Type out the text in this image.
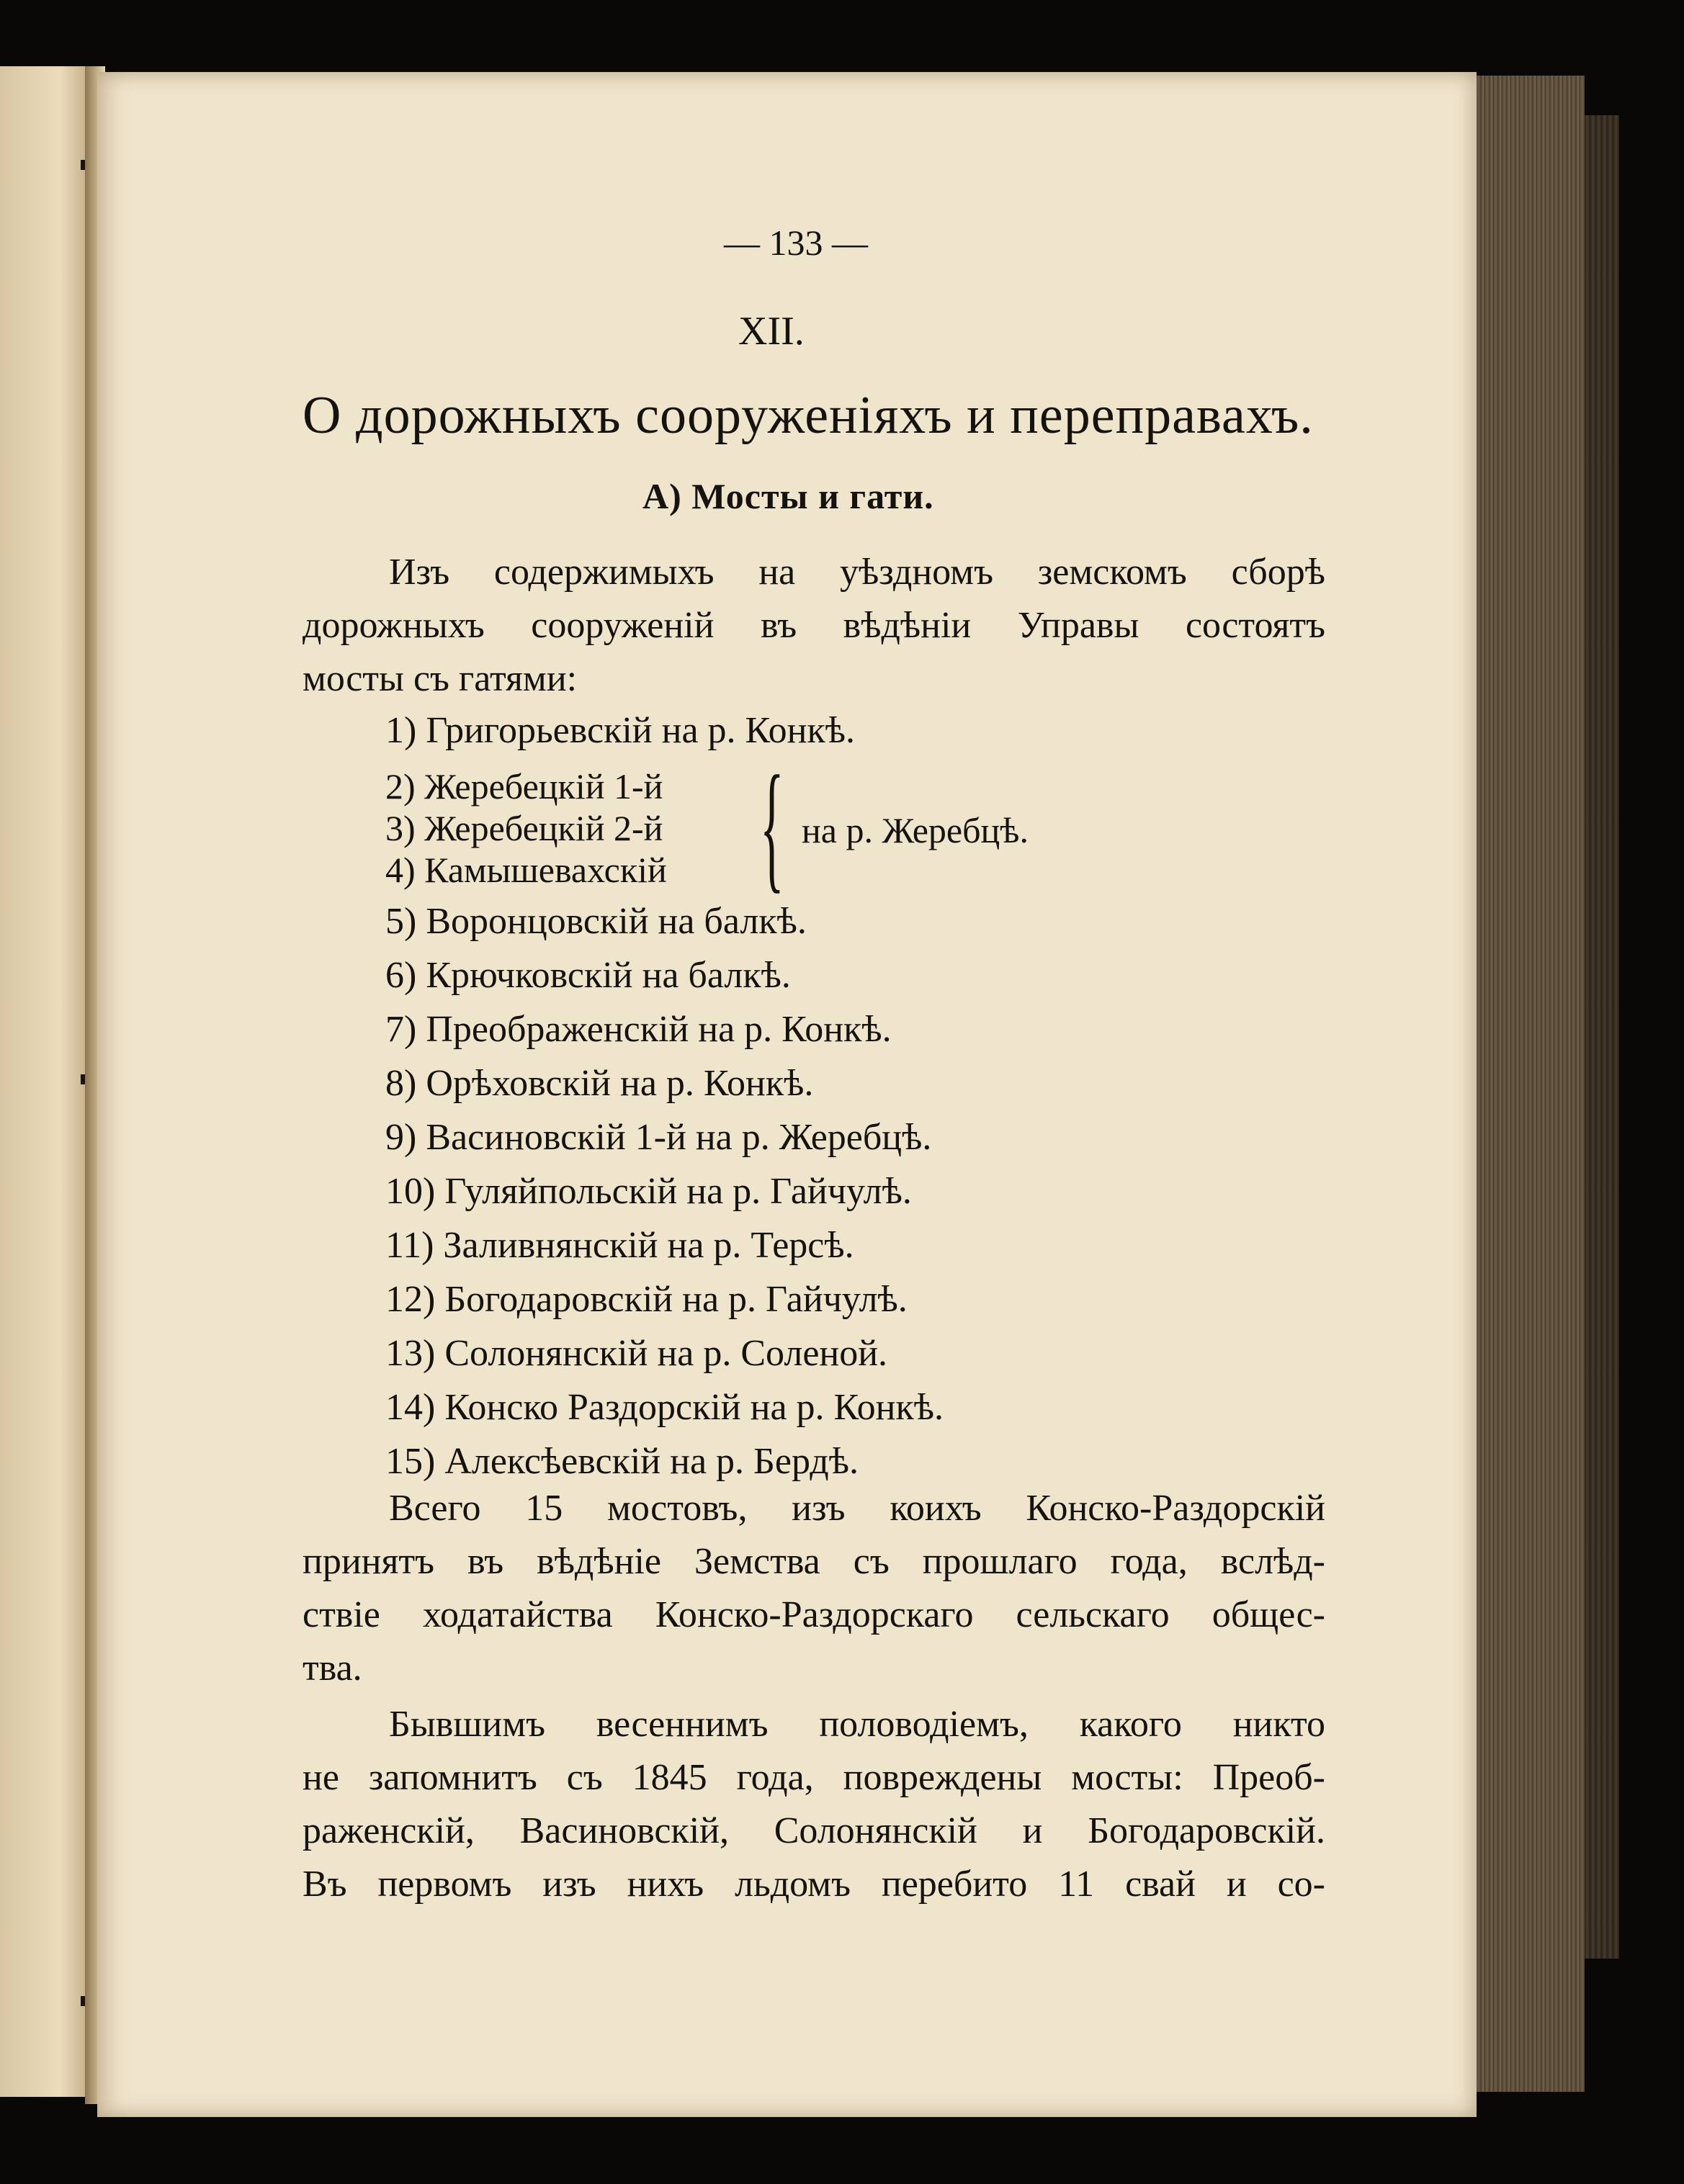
— 133 —
XII.
О дорожныхъ сооруженіяхъ и переправахъ.
А) Мосты и гати.
Изъ содержимыхъ на уѣздномъ земскомъ сборѣ
дорожныхъ сооруженій въ вѣдѣніи Управы состоятъ
мосты съ гатями:
1) Григорьевскій на р. Конкѣ.
2) Жеребецкій 1-й
3) Жеребецкій 2-й
4) Камышевахскій { на р. Жеребцѣ.
5) Воронцовскій на балкѣ.
6) Крючковскій на балкѣ.
7) Преображенскій на р. Конкѣ.
8) Орѣховскій на р. Конкѣ.
9) Васиновскій 1-й на р. Жеребцѣ.
10) Гуляйпольскій на р. Гайчулѣ.
11) Заливнянскій на р. Терсѣ.
12) Богодаровскій на р. Гайчулѣ.
13) Солонянскій на р. Соленой.
14) Конско Раздорскій на р. Конкѣ.
15) Алексѣевскій на р. Бердѣ.
Всего 15 мостовъ, изъ коихъ Конско-Раздорскій
принятъ въ вѣдѣніе Земства съ прошлаго года, вслѣд-
ствіе ходатайства Конско-Раздорскаго сельскаго общес-
тва.
Бывшимъ весеннимъ половодіемъ, какого никто
не запомнитъ съ 1845 года, повреждены мосты: Преоб-
раженскій, Васиновскій, Солонянскій и Богодаровскій.
Въ первомъ изъ нихъ льдомъ перебито 11 свай и со-
